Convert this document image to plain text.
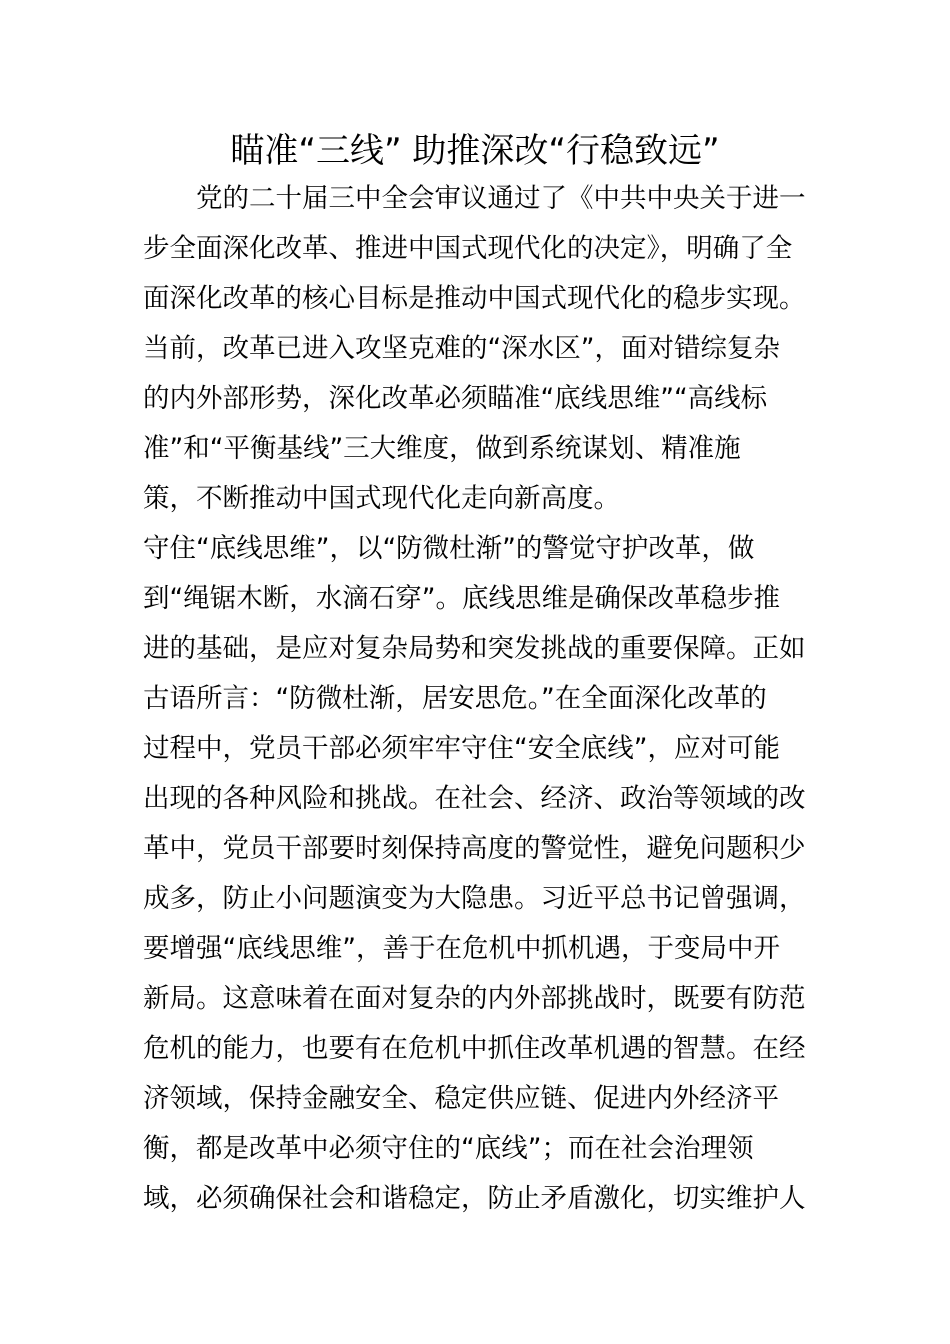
瞄准“三线” 助推深改“行稳致远”
　　党的二十届三中全会审议通过了《中共中央关于进一
步全面深化改革、推进中国式现代化的决定》，明确了全
面深化改革的核心目标是推动中国式现代化的稳步实现。
当前，改革已进入攻坚克难的“深水区”，面对错综复杂
的内外部形势，深化改革必须瞄准“底线思维”“高线标
准”和“平衡基线”三大维度，做到系统谋划、精准施
策，不断推动中国式现代化走向新高度。
守住“底线思维”，以“防微杜渐”的警觉守护改革，做
到“绳锯木断，水滴石穿”。底线思维是确保改革稳步推
进的基础，是应对复杂局势和突发挑战的重要保障。正如
古语所言：“防微杜渐，居安思危。”在全面深化改革的
过程中，党员干部必须牢牢守住“安全底线”，应对可能
出现的各种风险和挑战。在社会、经济、政治等领域的改
革中，党员干部要时刻保持高度的警觉性，避免问题积少
成多，防止小问题演变为大隐患。习近平总书记曾强调，
要增强“底线思维”，善于在危机中抓机遇，于变局中开
新局。这意味着在面对复杂的内外部挑战时，既要有防范
危机的能力，也要有在危机中抓住改革机遇的智慧。在经
济领域，保持金融安全、稳定供应链、促进内外经济平
衡，都是改革中必须守住的“底线”；而在社会治理领
域，必须确保社会和谐稳定，防止矛盾激化，切实维护人
